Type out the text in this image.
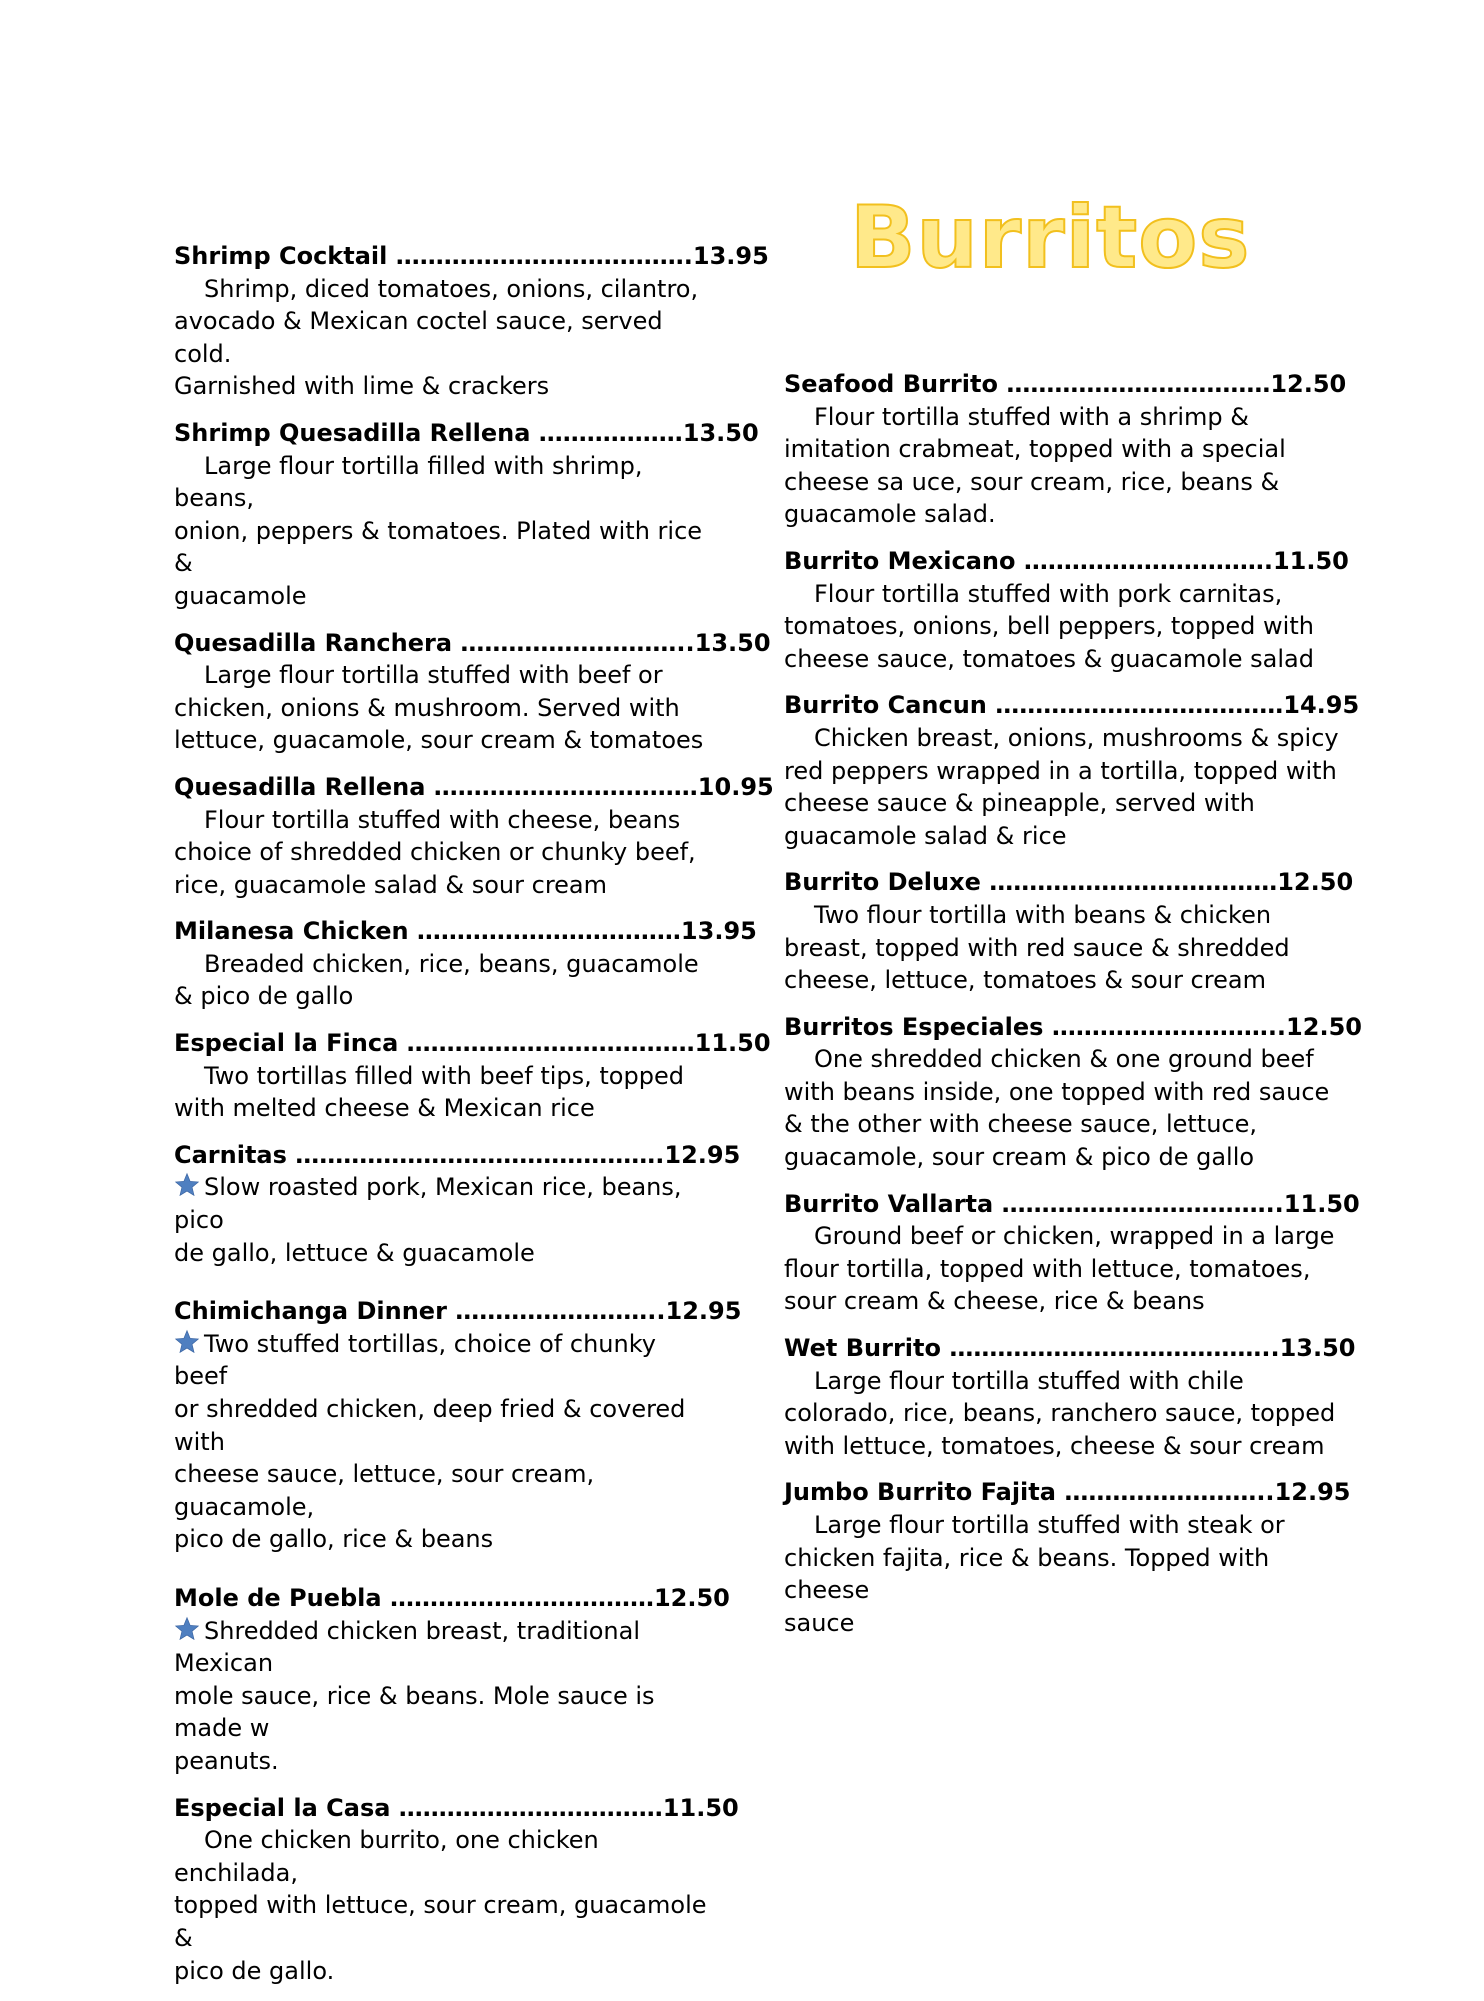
Burritos
Shrimp Cocktail ……………………………….13.95
Shrimp, diced tomatoes, onions, cilantro,
avocado & Mexican coctel sauce, served cold.
Garnished with lime & crackers
Shrimp Quesadilla Rellena ………………13.50
Large flour tortilla filled with shrimp, beans,
onion, peppers & tomatoes. Plated with rice &
guacamole
Quesadilla Ranchera ………………………..13.50
Large flour tortilla stuffed with beef or
chicken, onions & mushroom. Served with
lettuce, guacamole, sour cream & tomatoes
Quesadilla Rellena ……………………………10.95
Flour tortilla stuffed with cheese, beans
choice of shredded chicken or chunky beef,
rice, guacamole salad & sour cream
Milanesa Chicken ……………………………13.95
Breaded chicken, rice, beans, guacamole
& pico de gallo
Especial la Finca ………………………………11.50
Two tortillas filled with beef tips, topped
with melted cheese & Mexican rice
Carnitas ……………………………………….12.95
Slow roasted pork, Mexican rice, beans, pico
de gallo, lettuce & guacamole
Chimichanga Dinner ……………………..12.95
Two stuffed tortillas, choice of chunky beef
or shredded chicken, deep fried & covered with
cheese sauce, lettuce, sour cream, guacamole,
pico de gallo, rice & beans
Mole de Puebla ……………………………12.50
Shredded chicken breast, traditional Mexican
mole sauce, rice & beans. Mole sauce is made w
peanuts.
Especial la Casa ……………………………11.50
One chicken burrito, one chicken enchilada,
topped with lettuce, sour cream, guacamole &
pico de gallo.
Seafood Burrito ……………………………12.50
Flour tortilla stuffed with a shrimp &
imitation crabmeat, topped with a special
cheese sa uce, sour cream, rice, beans &
guacamole salad.
Burrito Mexicano ………………………….11.50
Flour tortilla stuffed with pork carnitas,
tomatoes, onions, bell peppers, topped with
cheese sauce, tomatoes & guacamole salad
Burrito Cancun ………………………………14.95
Chicken breast, onions, mushrooms & spicy
red peppers wrapped in a tortilla, topped with
cheese sauce & pineapple, served with
guacamole salad & rice
Burrito Deluxe ………………………………12.50
Two flour tortilla with beans & chicken
breast, topped with red sauce & shredded
cheese, lettuce, tomatoes & sour cream
Burritos Especiales ………………………..12.50
One shredded chicken & one ground beef
with beans inside, one topped with red sauce
& the other with cheese sauce, lettuce,
guacamole, sour cream & pico de gallo
Burrito Vallarta ……………………………..11.50
Ground beef or chicken, wrapped in a large
flour tortilla, topped with lettuce, tomatoes,
sour cream & cheese, rice & beans
Wet Burrito …………………………………..13.50
Large flour tortilla stuffed with chile
colorado, rice, beans, ranchero sauce, topped
with lettuce, tomatoes, cheese & sour cream
Jumbo Burrito Fajita ……………………..12.95
Large flour tortilla stuffed with steak or
chicken fajita, rice & beans. Topped with cheese
sauce
